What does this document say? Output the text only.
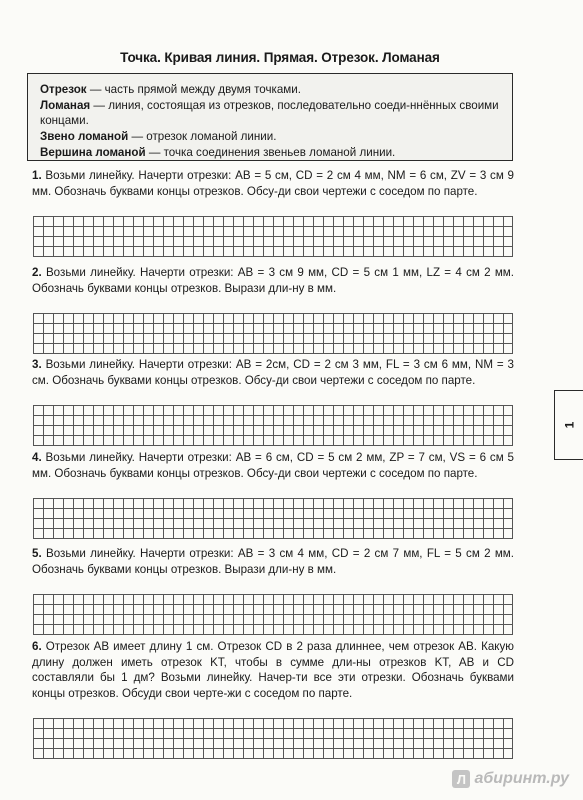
Точка. Кривая линия. Прямая. Отрезок. Ломаная

Отрезок — часть прямой между двумя точками.

Ломаная — линия, состоящая из отрезков, последовательно соеди-ннённых своими концами.

Звено ломаной — отрезок ломаной линии.

Вершина ломаной — точка соединения звеньев ломаной линии.

1. Возьми линейку. Начерти отрезки: AB = 5 см, CD = 2 см 4 мм, NM = 6 см, ZV = 3 см 9 мм. Обозначь буквами концы отрезков. Обсу-ди свои чертежи с соседом по парте.
2. Возьми линейку. Начерти отрезки: AB = 3 см 9 мм, CD = 5 см 1 мм, LZ = 4 см 2 мм. Обозначь буквами концы отрезков. Вырази дли-ну в мм.
3. Возьми линейку. Начерти отрезки: AB = 2см, CD = 2 см 3 мм, FL = 3 см 6 мм, NM = 3 см. Обозначь буквами концы отрезков. Обсу-ди свои чертежи с соседом по парте.
4. Возьми линейку. Начерти отрезки: AB = 6 см, CD = 5 см 2 мм, ZP = 7 см, VS = 6 см 5 мм. Обозначь буквами концы отрезков. Обсу-ди свои чертежи с соседом по парте.
5. Возьми линейку. Начерти отрезки: AB = 3 см 4 мм, CD = 2 см 7 мм, FL = 5 см 2 мм. Обозначь буквами концы отрезков. Вырази дли-ну в мм.
6. Отрезок AB имеет длину 1 см. Отрезок CD в 2 раза длиннее, чем отрезок AB. Какую длину должен иметь отрезок KT, чтобы в сумме дли-ны отрезков KT, AB и CD составляли бы 1 дм? Возьми линейку. Начер-ти все эти отрезки. Обозначь буквами концы отрезков. Обсуди свои черте-жи с соседом по парте.
1
Л абиринт.ру
